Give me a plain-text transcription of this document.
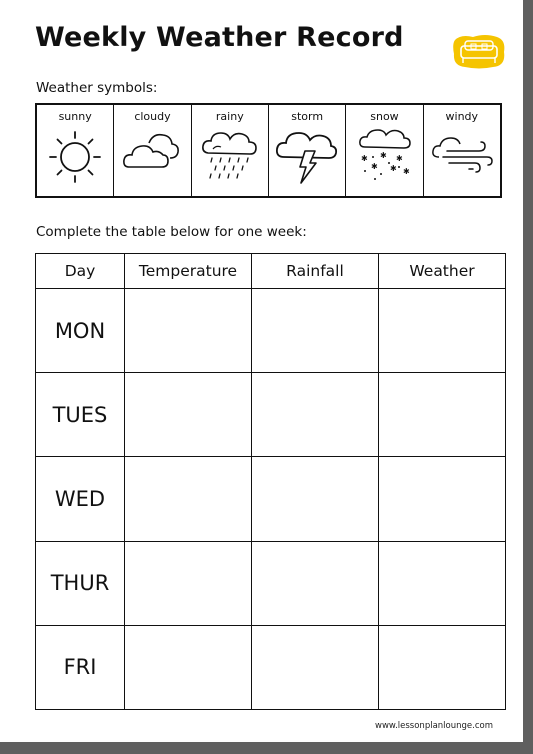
Weekly Weather Record
Weather symbols:
sunny	cloudy	rainy	storm	snow
✱ ✱ ✱
✱ ✱ ✱
windy
Complete the table below for one week:
Day	Temperature	Rainfall	Weather
MON			
TUES			
WED			
THUR			
FRI			
www.lessonplanlounge.com
